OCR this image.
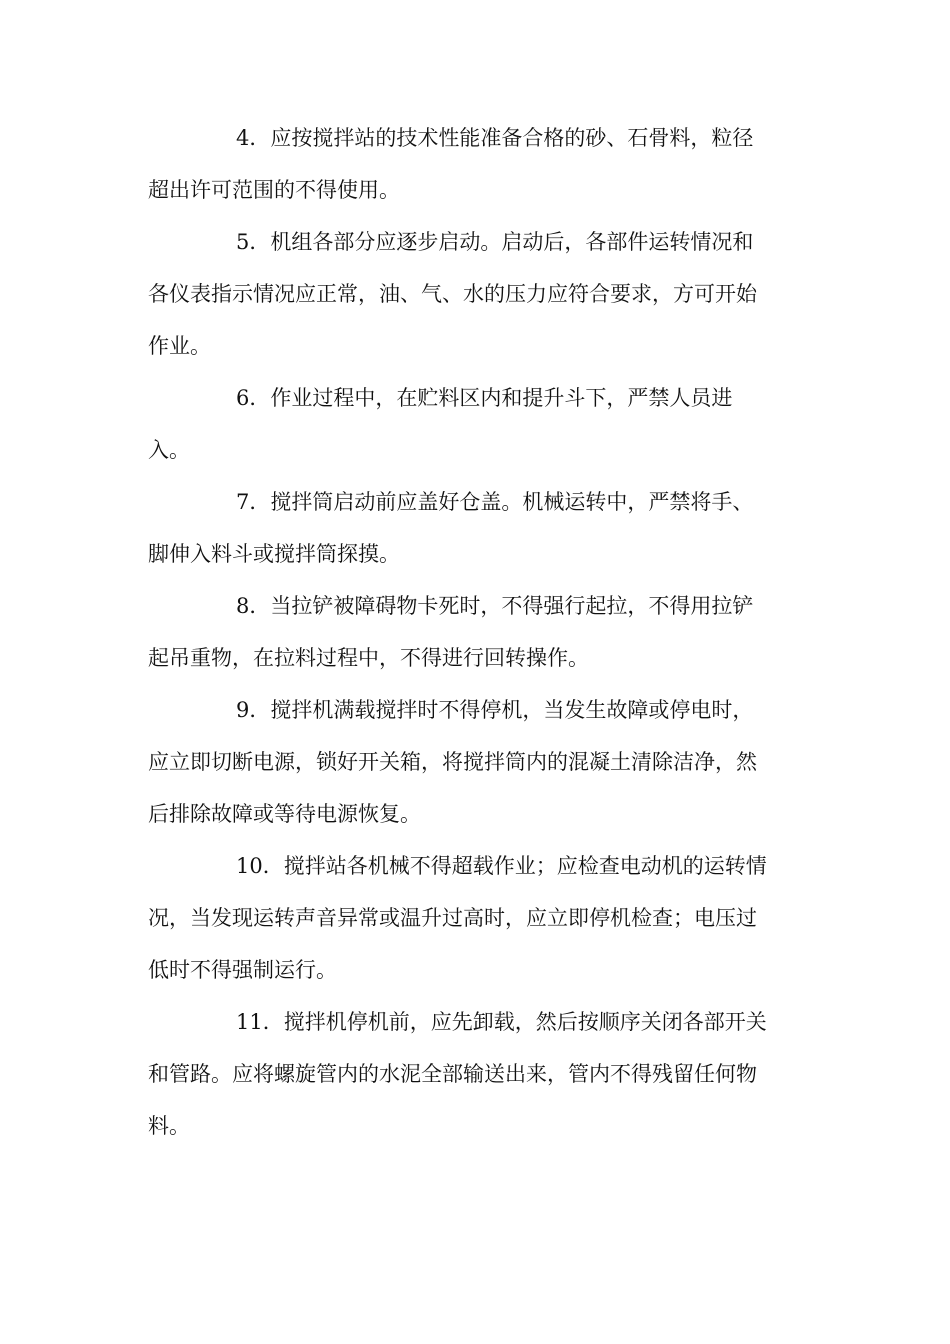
4．应按搅拌站的技术性能准备合格的砂、石骨料，粒径
超出许可范围的不得使用。

5．机组各部分应逐步启动。启动后，各部件运转情况和
各仪表指示情况应正常，油、气、水的压力应符合要求，方可开始
作业。

6．作业过程中，在贮料区内和提升斗下，严禁人员进
入。

7．搅拌筒启动前应盖好仓盖。机械运转中，严禁将手、
脚伸入料斗或搅拌筒探摸。

8．当拉铲被障碍物卡死时，不得强行起拉，不得用拉铲
起吊重物，在拉料过程中，不得进行回转操作。

9．搅拌机满载搅拌时不得停机，当发生故障或停电时，
应立即切断电源，锁好开关箱，将搅拌筒内的混凝土清除洁净，然
后排除故障或等待电源恢复。

10．搅拌站各机械不得超载作业；应检查电动机的运转情
况，当发现运转声音异常或温升过高时，应立即停机检查；电压过
低时不得强制运行。

11．搅拌机停机前，应先卸载，然后按顺序关闭各部开关
和管路。应将螺旋管内的水泥全部输送出来，管内不得残留任何物
料。
